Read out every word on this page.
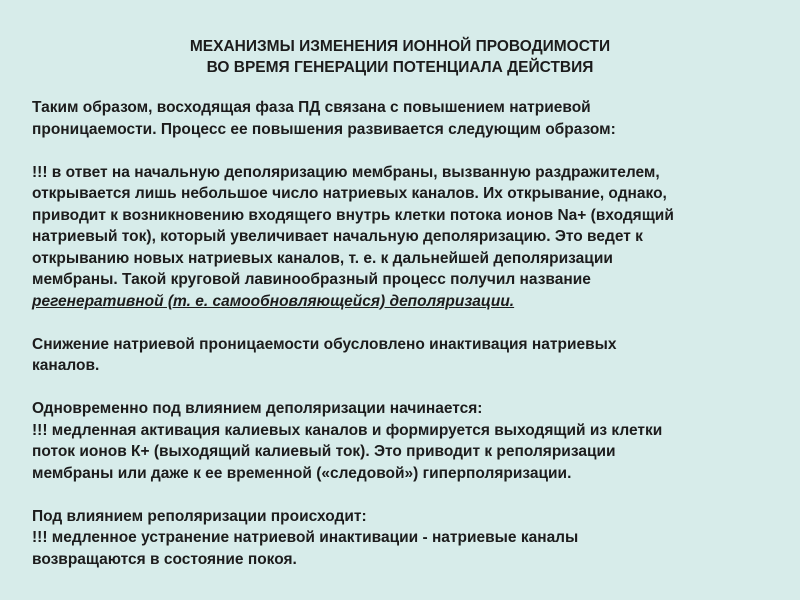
МЕХАНИЗМЫ ИЗМЕНЕНИЯ ИОННОЙ ПРОВОДИМОСТИ
ВО ВРЕМЯ ГЕНЕРАЦИИ ПОТЕНЦИАЛА ДЕЙСТВИЯ
Таким образом, восходящая фаза ПД связана с повышением натриевой
проницаемости. Процесс ее повышения развивается следующим образом:
!!! в ответ на начальную деполяризацию мембраны, вызванную раздражителем,
открывается лишь небольшое число натриевых каналов. Их открывание, однако,
приводит к возникновению входящего внутрь клетки потока ионов Na+ (входящий
натриевый ток), который увеличивает начальную деполяризацию. Это ведет к
открыванию новых натриевых каналов, т. е. к дальнейшей деполяризации
мембраны. Такой круговой лавинообразный процесс получил название
регенеративной (т. е. самообновляющейся) деполяризации.
Снижение натриевой проницаемости обусловлено инактивация натриевых
каналов.
Одновременно под влиянием деполяризации начинается:
!!! медленная активация калиевых каналов и формируется выходящий из клетки
поток ионов К+ (выходящий калиевый ток). Это приводит к реполяризации
мембраны или даже к ее временной («следовой») гиперполяризации.
Под влиянием реполяризации происходит:
!!! медленное устранение натриевой инактивации - натриевые каналы
возвращаются в состояние покоя.
